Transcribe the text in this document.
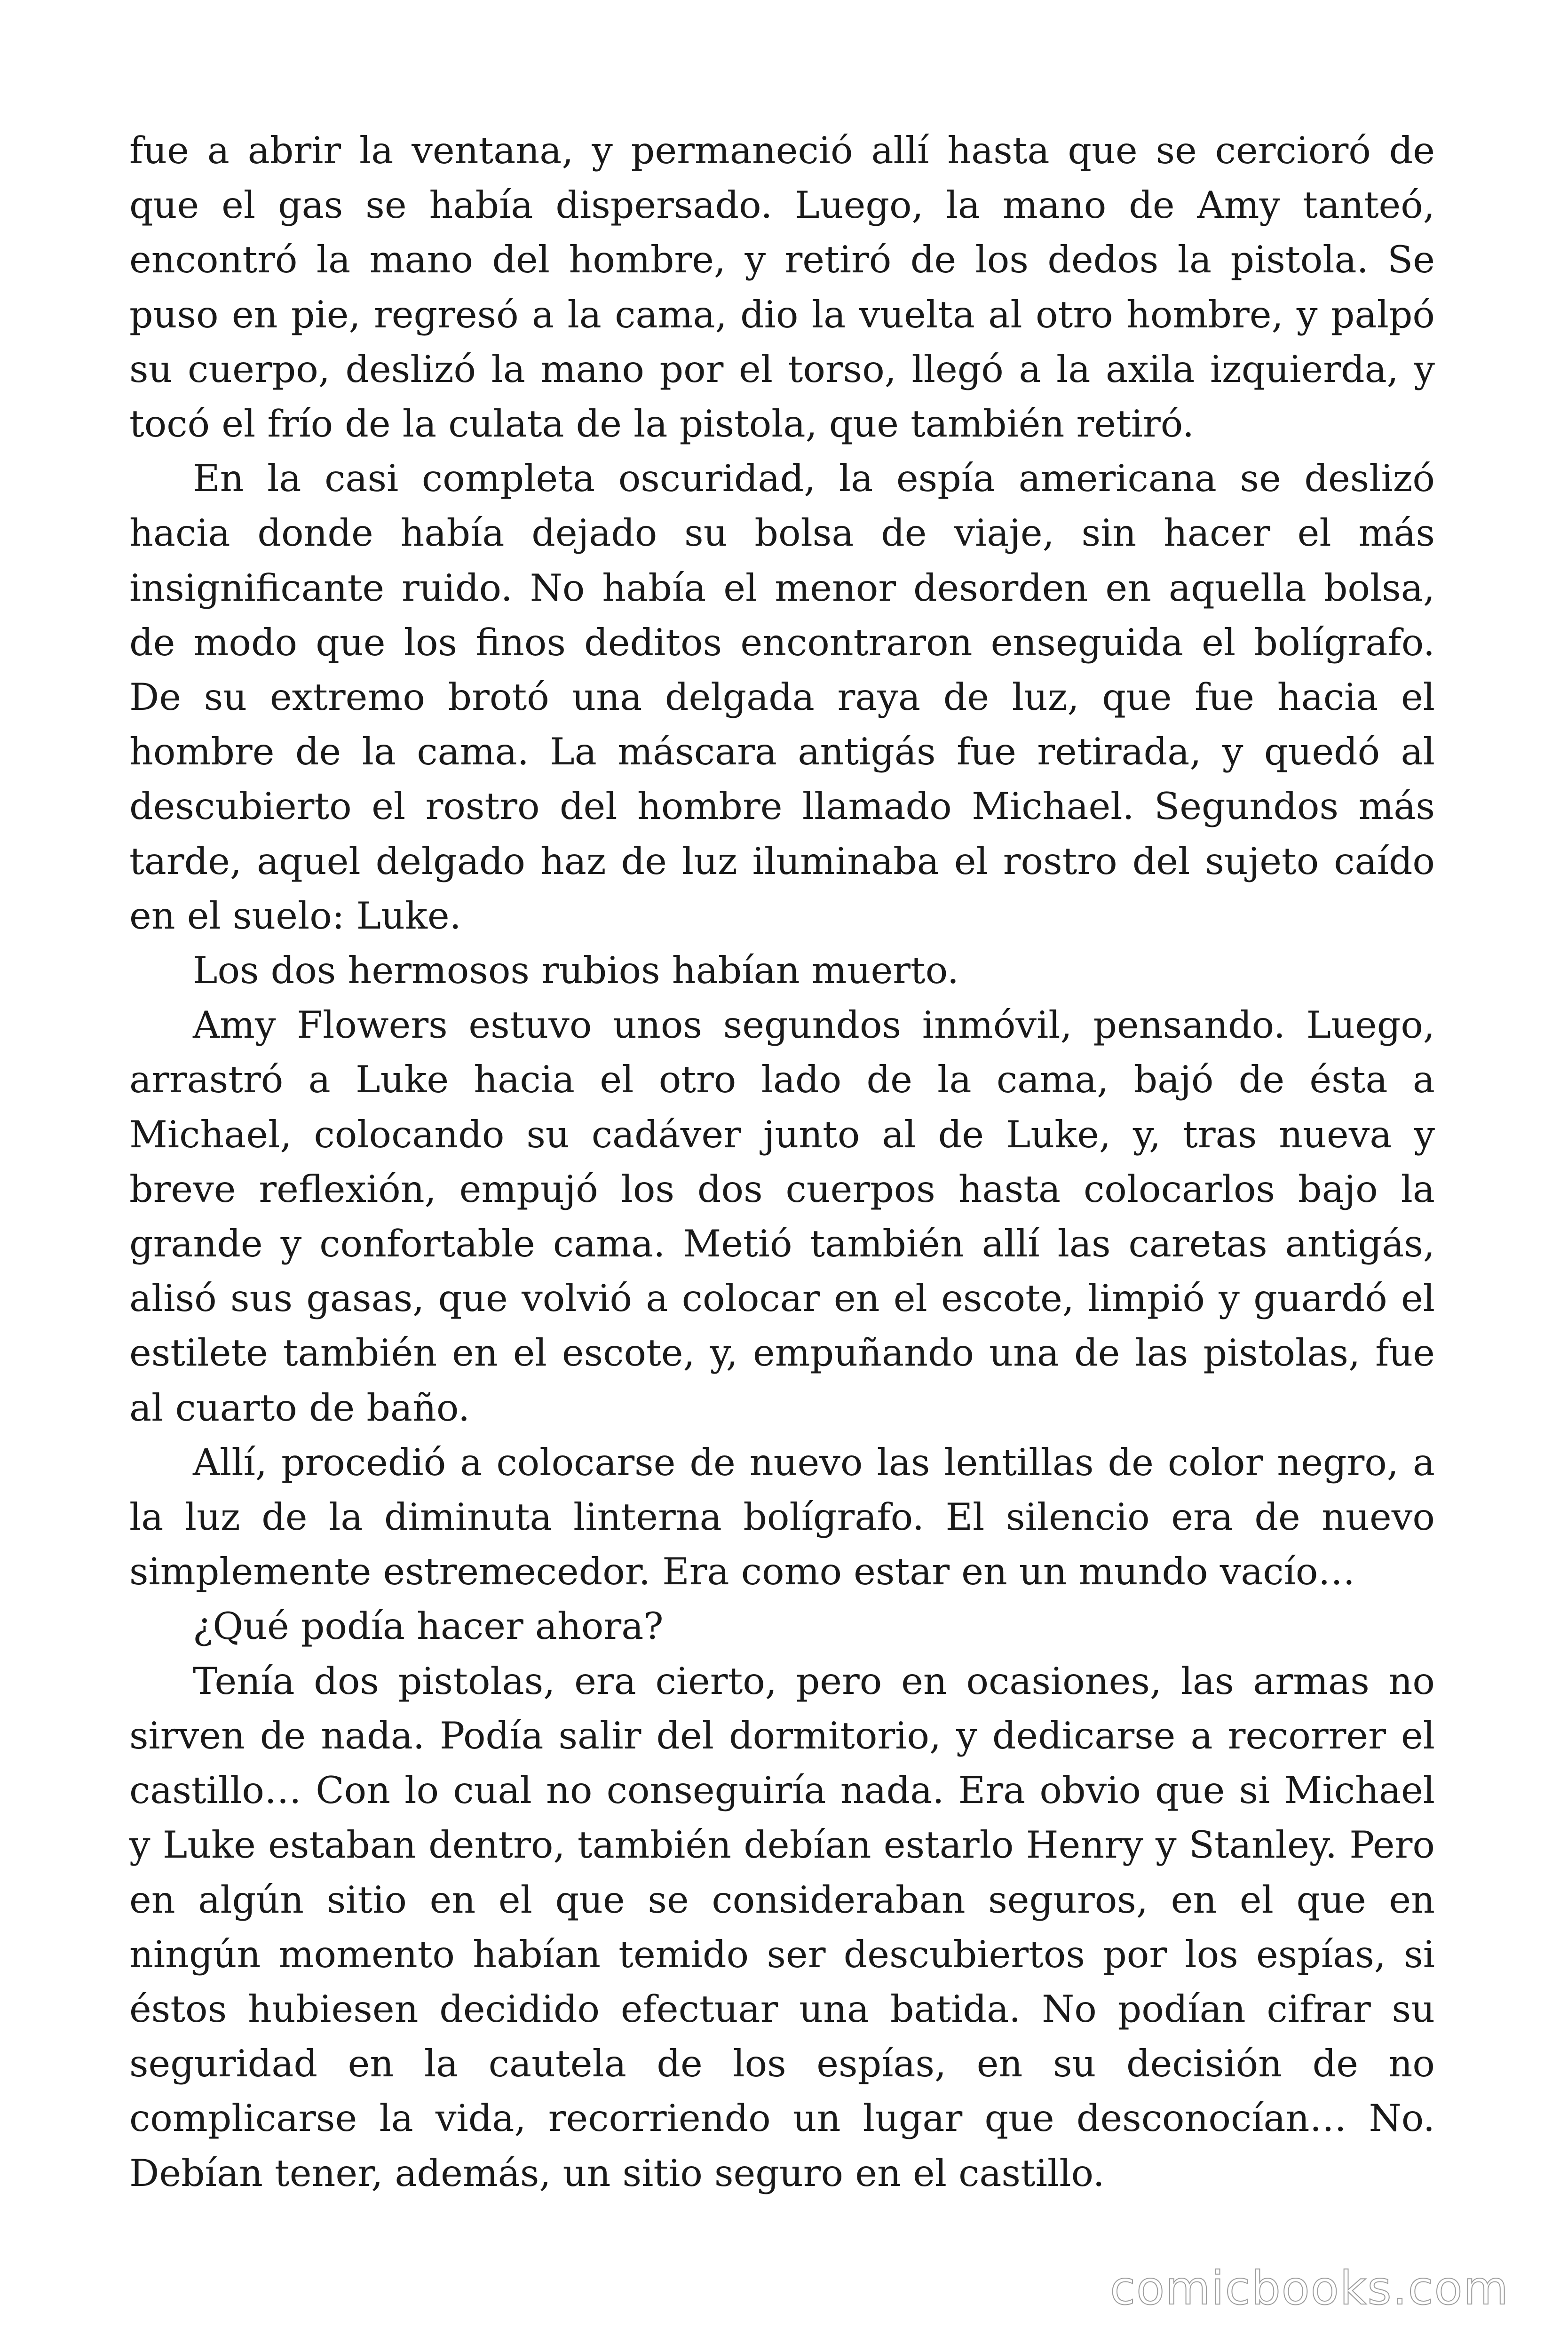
fue a abrir la ventana, y permaneció allí hasta que se cercioró de que el gas se había dispersado. Luego, la mano de Amy tanteó, encontró la mano del hombre, y retiró de los dedos la pistola. Se puso en pie, regresó a la cama, dio la vuelta al otro hombre, y palpó su cuerpo, deslizó la mano por el torso, llegó a la axila izquierda, y tocó el frío de la culata de la pistola, que también retiró.

En la casi completa oscuridad, la espía americana se deslizó hacia donde había dejado su bolsa de viaje, sin hacer el más insignificante ruido. No había el menor desorden en aquella bolsa, de modo que los finos deditos encontraron enseguida el bolígrafo. De su extremo brotó una delgada raya de luz, que fue hacia el hombre de la cama. La máscara antigás fue retirada, y quedó al descubierto el rostro del hombre llamado Michael. Segundos más tarde, aquel delgado haz de luz iluminaba el rostro del sujeto caído en el suelo: Luke.

Los dos hermosos rubios habían muerto.

Amy Flowers estuvo unos segundos inmóvil, pensando. Luego, arrastró a Luke hacia el otro lado de la cama, bajó de ésta a Michael, colocando su cadáver junto al de Luke, y, tras nueva y breve reflexión, empujó los dos cuerpos hasta colocarlos bajo la grande y confortable cama. Metió también allí las caretas antigás, alisó sus gasas, que volvió a colocar en el escote, limpió y guardó el estilete también en el escote, y, empuñando una de las pistolas, fue al cuarto de baño.

Allí, procedió a colocarse de nuevo las lentillas de color negro, a la luz de la diminuta linterna bolígrafo. El silencio era de nuevo simplemente estremecedor. Era como estar en un mundo vacío…

¿Qué podía hacer ahora?

Tenía dos pistolas, era cierto, pero en ocasiones, las armas no sirven de nada. Podía salir del dormitorio, y dedicarse a recorrer el castillo… Con lo cual no conseguiría nada. Era obvio que si Michael y Luke estaban dentro, también debían estarlo Henry y Stanley. Pero en algún sitio en el que se consideraban seguros, en el que en ningún momento habían temido ser descubiertos por los espías, si éstos hubiesen decidido efectuar una batida. No podían cifrar su seguridad en la cautela de los espías, en su decisión de no complicarse la vida, recorriendo un lugar que desconocían… No. Debían tener, además, un sitio seguro en el castillo.

comicbooks.com
